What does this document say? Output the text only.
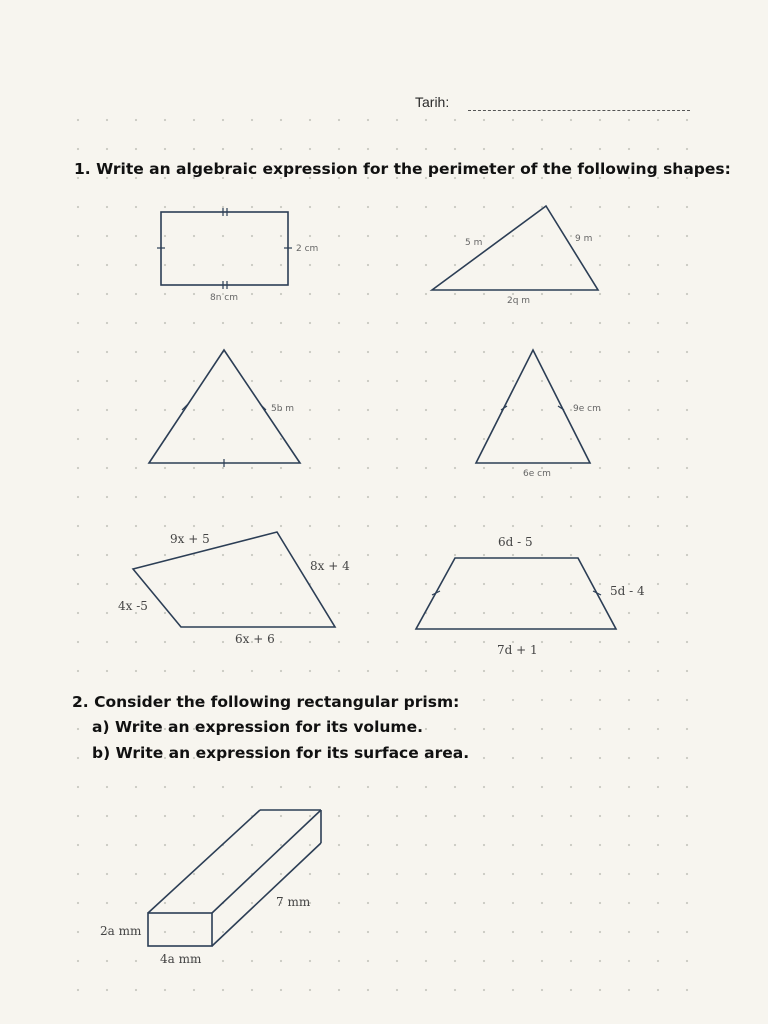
Tarih:
1. Write an algebraic expression for the perimeter of the following shapes:
2 cm
8n cm
5 m	9 m
2q m
5b m	9e cm
6e cm
9x + 5
8x + 4
4x -5
6x + 6
6d - 5
5d - 4
7d + 1
2. Consider the following rectangular prism:
a) Write an expression for its volume.
b) Write an expression for its surface area.
7 mm
2a mm
4a mm
